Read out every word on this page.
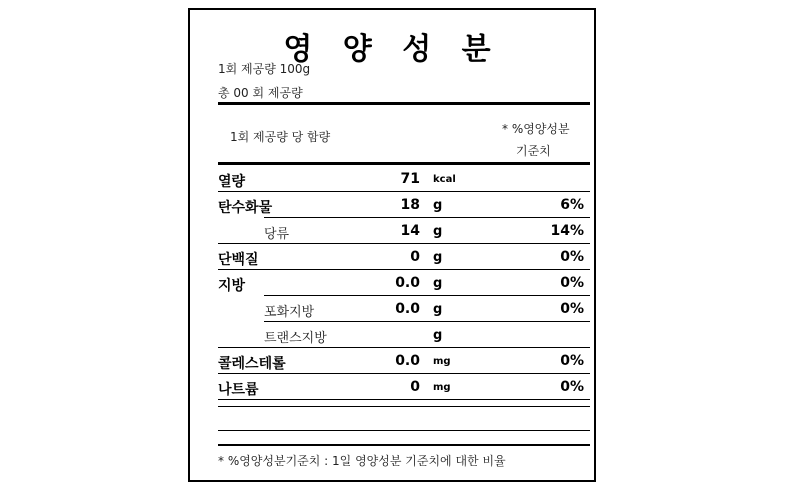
영 양 성 분
1회 제공량 100g
총 00 회 제공량
1회 제공량 당 함량
* %영양성분
기준치
열량	71 kcal
탄수화물	18 g	6%
당류	14 g	14%
단백질	0 g	0%
지방	0.0 g	0%
포화지방	0.0 g	0%
트랜스지방	g
콜레스테롤	0.0 mg	0%
나트륨	0 mg	0%
* %영양성분기준치 : 1일 영양성분 기준치에 대한 비율
